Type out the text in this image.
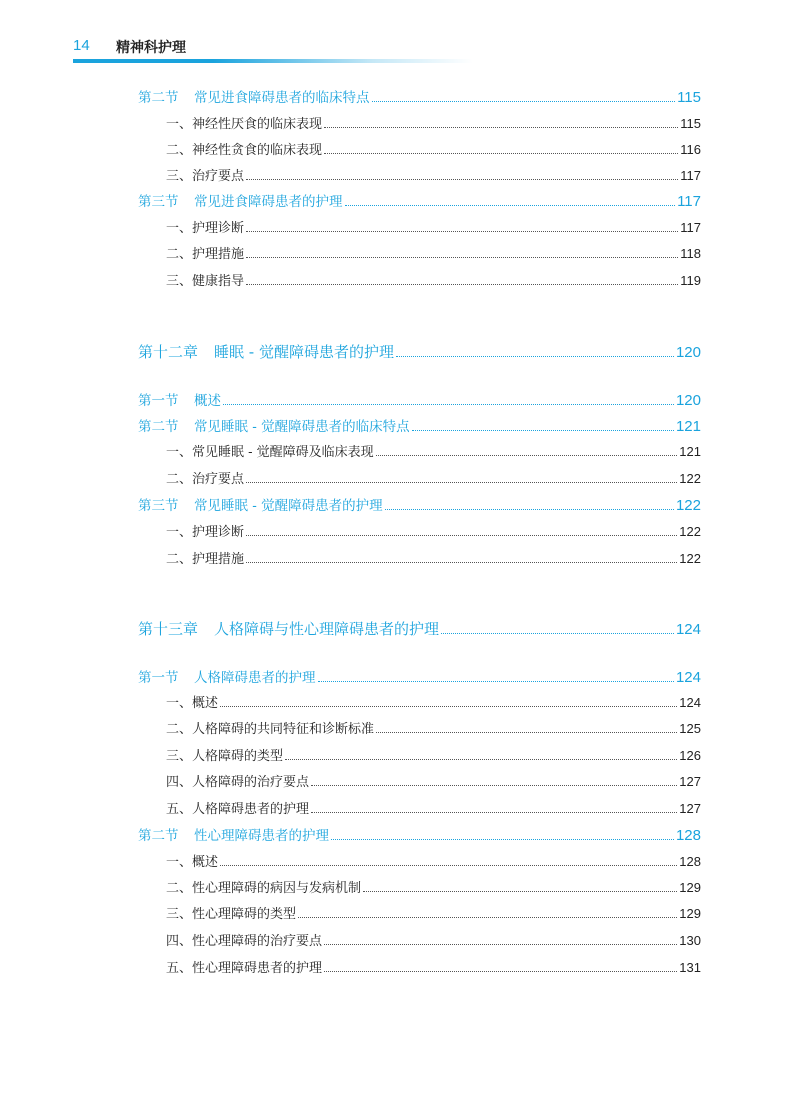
14 精神科护理
第二节 常见进食障碍患者的临床特点	115
一、神经性厌食的临床表现	115
二、神经性贪食的临床表现	116
三、治疗要点	117
第三节 常见进食障碍患者的护理	117
一、护理诊断	117
二、护理措施	118
三、健康指导	119
第十二章 睡眠 - 觉醒障碍患者的护理	120
第一节 概述	120
第二节 常见睡眠 - 觉醒障碍患者的临床特点	121
一、常见睡眠 - 觉醒障碍及临床表现	121
二、治疗要点	122
第三节 常见睡眠 - 觉醒障碍患者的护理	122
一、护理诊断	122
二、护理措施	122
第十三章 人格障碍与性心理障碍患者的护理	124
第一节 人格障碍患者的护理	124
一、概述	124
二、人格障碍的共同特征和诊断标准	125
三、人格障碍的类型	126
四、人格障碍的治疗要点	127
五、人格障碍患者的护理	127
第二节 性心理障碍患者的护理	128
一、概述	128
二、性心理障碍的病因与发病机制	129
三、性心理障碍的类型	129
四、性心理障碍的治疗要点	130
五、性心理障碍患者的护理	131
